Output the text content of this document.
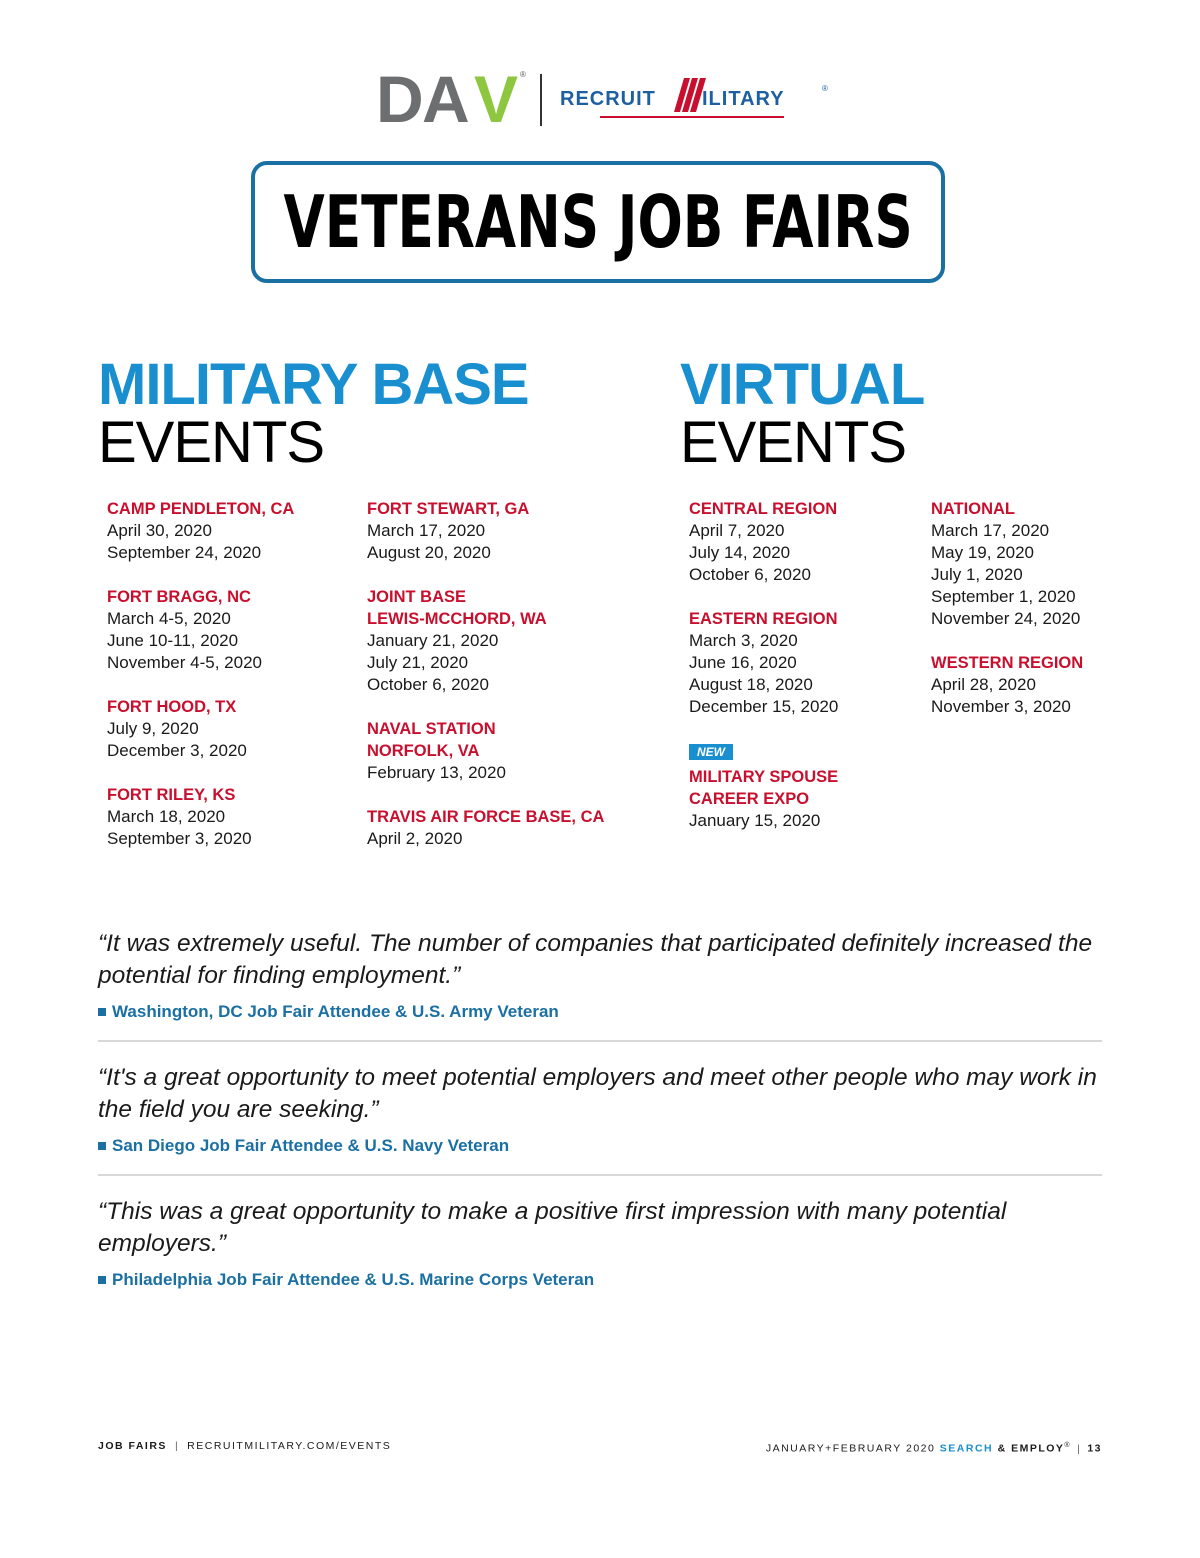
D A V ®
RECRUIT ILITARY	®
VETERANS JOB FAIRS
MILITARY BASE
EVENTS
VIRTUAL
EVENTS
CAMP PENDLETON, CA
April 30, 2020
September 24, 2020
FORT BRAGG, NC
March 4-5, 2020
June 10-11, 2020
November 4-5, 2020
FORT HOOD, TX
July 9, 2020
December 3, 2020
FORT RILEY, KS
March 18, 2020
September 3, 2020
FORT STEWART, GA
March 17, 2020
August 20, 2020
JOINT BASE
LEWIS-MCCHORD, WA
January 21, 2020
July 21, 2020
October 6, 2020
NAVAL STATION
NORFOLK, VA
February 13, 2020
TRAVIS AIR FORCE BASE, CA
April 2, 2020
CENTRAL REGION
April 7, 2020
July 14, 2020
October 6, 2020
EASTERN REGION
March 3, 2020
June 16, 2020
August 18, 2020
December 15, 2020
NEW
MILITARY SPOUSE
CAREER EXPO
January 15, 2020
NATIONAL
March 17, 2020
May 19, 2020
July 1, 2020
September 1, 2020
November 24, 2020
WESTERN REGION
April 28, 2020
November 3, 2020

“It was extremely useful. The number of companies that participated definitely increased the potential for finding employment.”

Washington, DC Job Fair Attendee & U.S. Army Veteran

“It's a great opportunity to meet potential employers and meet other people who may work in the field you are seeking.”

San Diego Job Fair Attendee & U.S. Navy Veteran

“This was a great opportunity to make a positive first impression with many potential employers.”

Philadelphia Job Fair Attendee & U.S. Marine Corps Veteran
JOB FAIRS | RECRUITMILITARY.COM/EVENTS	JANUARY+FEBRUARY 2020 SEARCH & EMPLOY® | 13
